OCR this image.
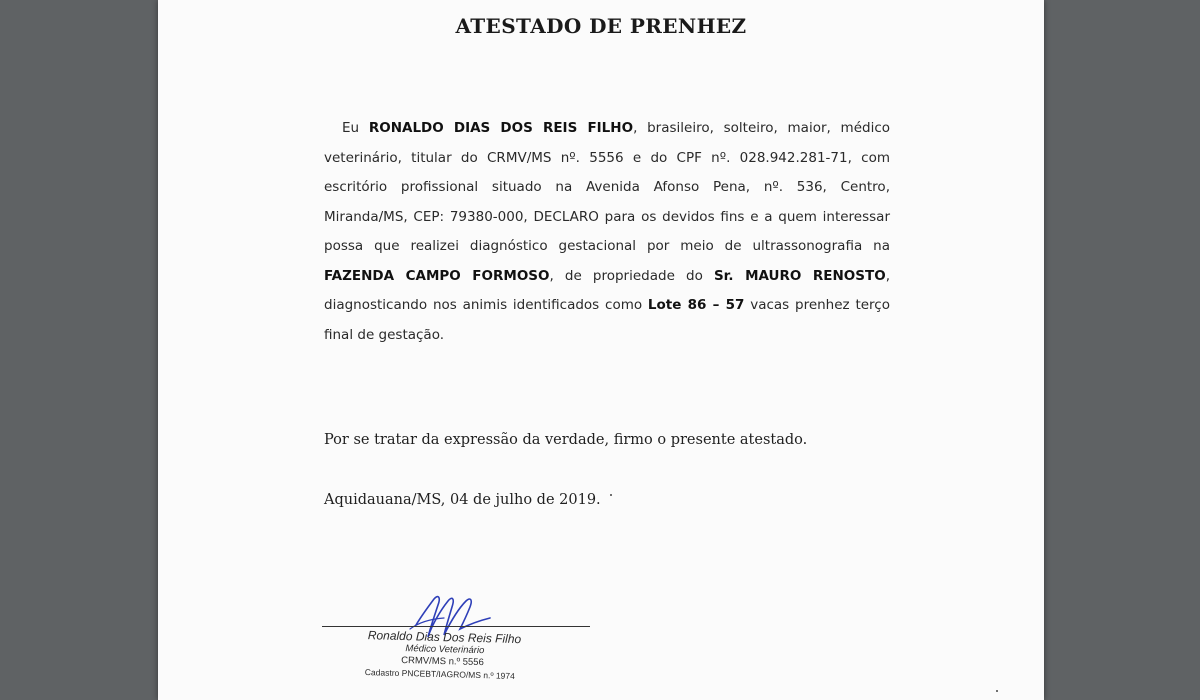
ATESTADO DE PRENHEZ

Eu RONALDO DIAS DOS REIS FILHO, brasileiro, solteiro, maior, médico veterinário, titular do CRMV/MS nº. 5556 e do CPF nº. 028.942.281-71, com escritório profissional situado na Avenida Afonso Pena, nº. 536, Centro, Miranda/MS, CEP: 79380-000, DECLARO para os devidos fins e a quem interessar possa que realizei diagnóstico gestacional por meio de ultrassonografia na FAZENDA CAMPO FORMOSO, de propriedade do Sr. MAURO RENOSTO, diagnosticando nos animis identificados como Lote 86 – 57 vacas prenhez terço final de gestação.

Por se tratar da expressão da verdade, firmo o presente atestado.

Aquidauana/MS, 04 de julho de 2019.

Ronaldo Dias Dos Reis Filho
Médico Veterinário
CRMV/MS n.º 5556
Cadastro PNCEBT/IAGRO/MS n.º 1974
